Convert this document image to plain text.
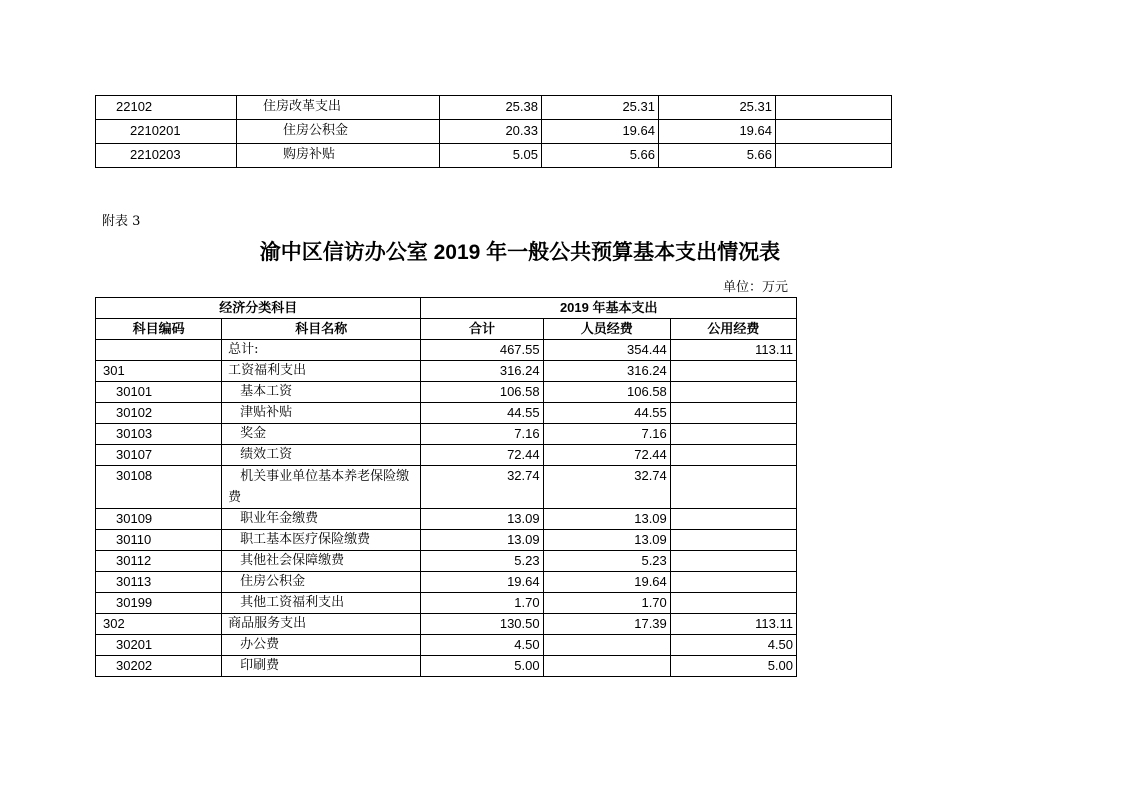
22102	住房改革支出	25.38	25.31	25.31	
2210201	住房公积金	20.33	19.64	19.64	
2210203	购房补贴	5.05	5.66	5.66	
附表 3
渝中区信访办公室 2019 年一般公共预算基本支出情况表
单位：万元
经济分类科目		2019 年基本支出		
科目编码	科目名称	合计	人员经费	公用经费
	总计:	467.55	354.44	113.11
301	工资福利支出	316.24	316.24	
30101	基本工资	106.58	106.58	
30102	津贴补贴	44.55	44.55	
30103	奖金	7.16	7.16	
30107	绩效工资	72.44	72.44	
30108	机关事业单位基本养老保险缴费	32.74	32.74	
30109	职业年金缴费	13.09	13.09	
30110	职工基本医疗保险缴费	13.09	13.09	
30112	其他社会保障缴费	5.23	5.23	
30113	住房公积金	19.64	19.64	
30199	其他工资福利支出	1.70	1.70	
302	商品服务支出	130.50	17.39	113.11
30201	办公费	4.50		4.50
30202	印刷费	5.00		5.00
